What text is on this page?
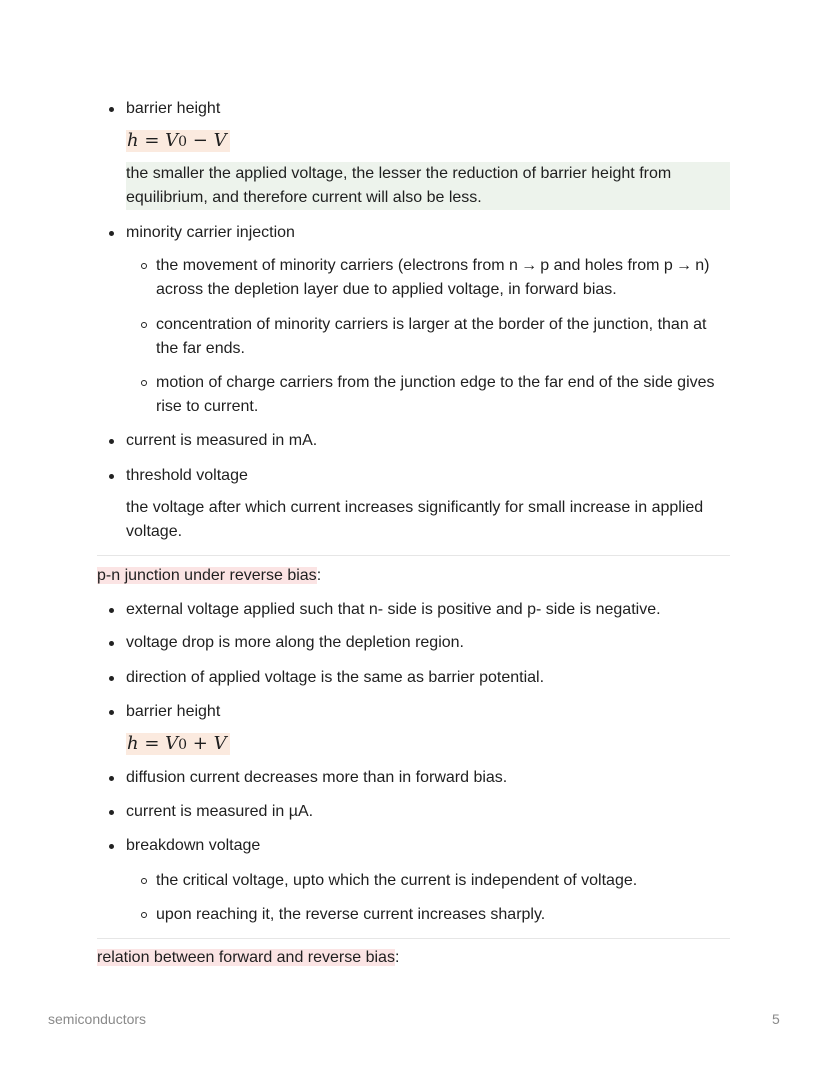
barrier height
h = V0 − V
the smaller the applied voltage, the lesser the reduction of barrier height from
equilibrium, and therefore current will also be less.
minority carrier injection
the movement of minority carriers (electrons from n → p and holes from p → n)
across the depletion layer due to applied voltage, in forward bias.
concentration of minority carriers is larger at the border of the junction, than at
the far ends.
motion of charge carriers from the junction edge to the far end of the side gives
rise to current.
current is measured in mA.
threshold voltage
the voltage after which current increases significantly for small increase in applied
voltage.
p-n junction under reverse bias:
external voltage applied such that n- side is positive and p- side is negative.
voltage drop is more along the depletion region.
direction of applied voltage is the same as barrier potential.
barrier height
h = V0 + V
diffusion current decreases more than in forward bias.
current is measured in µA.
breakdown voltage
the critical voltage, upto which the current is independent of voltage.
upon reaching it, the reverse current increases sharply.
relation between forward and reverse bias:
semiconductors	5
